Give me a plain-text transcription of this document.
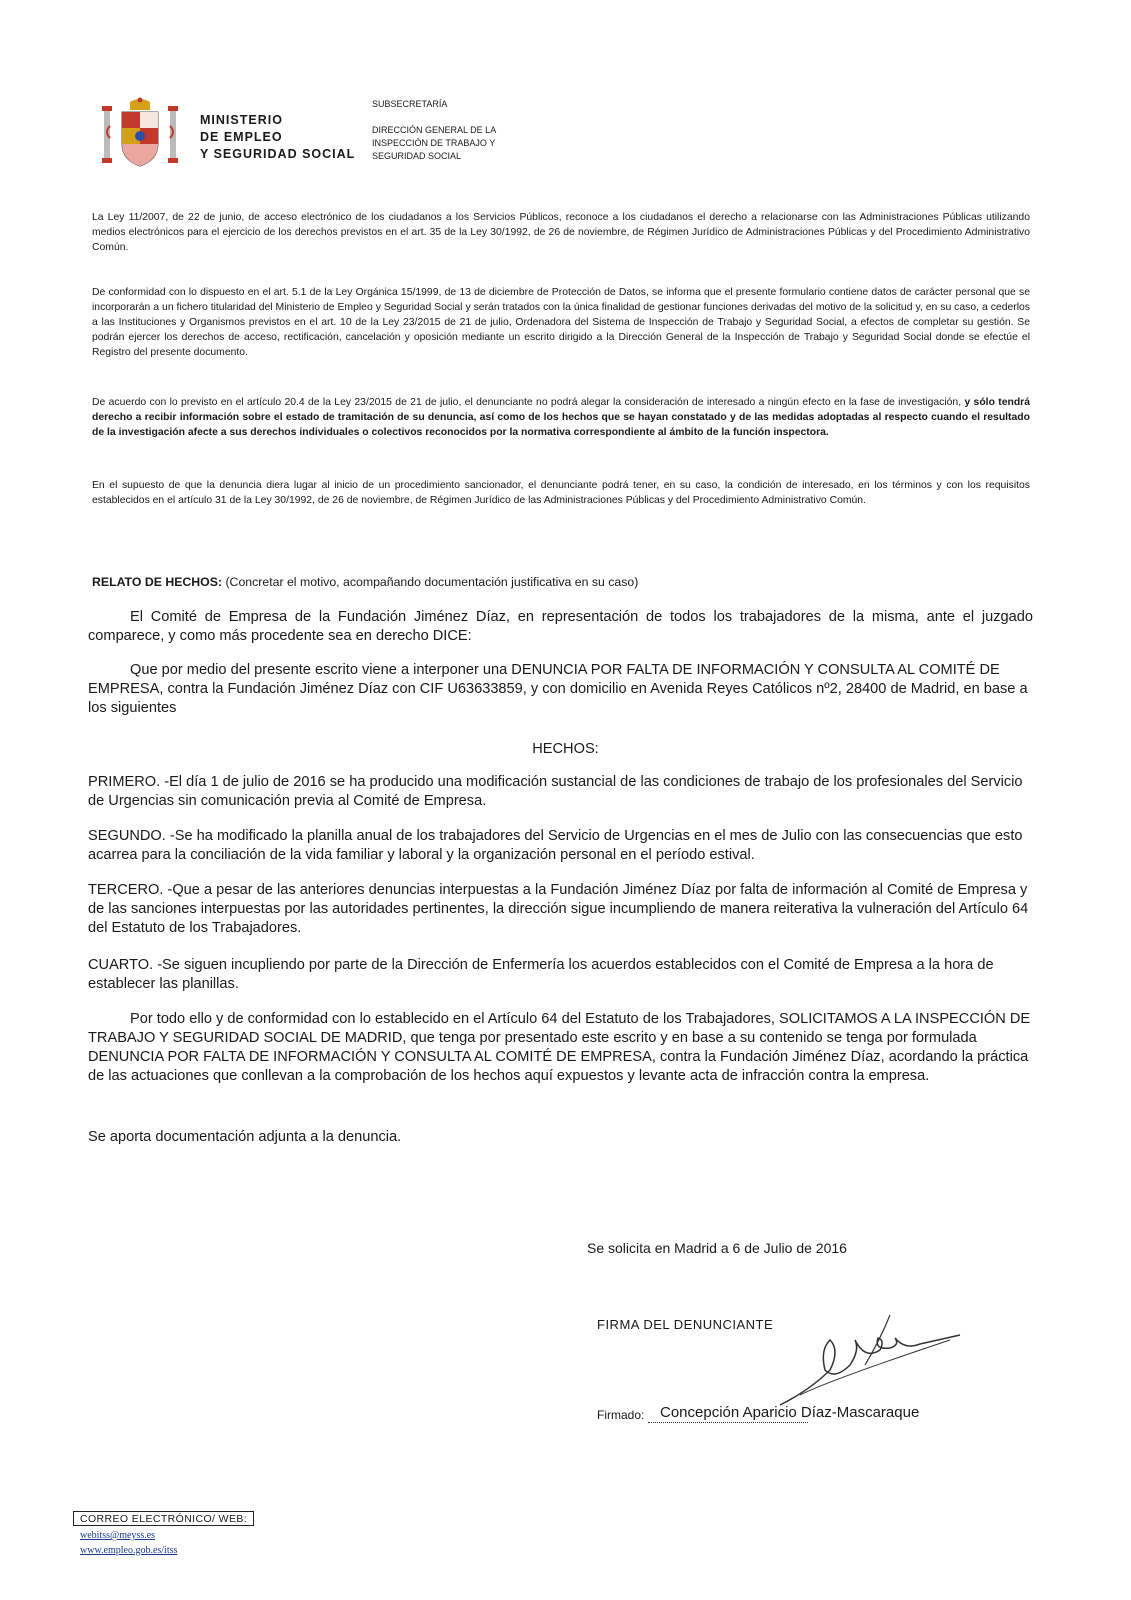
MINISTERIO
DE EMPLEO
Y SEGURIDAD SOCIAL
SUBSECRETARÍA
DIRECCIÓN GENERAL DE LA
INSPECCIÓN DE TRABAJO Y
SEGURIDAD SOCIAL

La Ley 11/2007, de 22 de junio, de acceso electrónico de los ciudadanos a los Servicios Públicos, reconoce a los ciudadanos el derecho a relacionarse con las Administraciones Públicas utilizando medios electrónicos para el ejercicio de los derechos previstos en el art. 35 de la Ley 30/1992, de 26 de noviembre, de Régimen Jurídico de Administraciones Públicas y del Procedimiento Administrativo Común.

De conformidad con lo dispuesto en el art. 5.1 de la Ley Orgánica 15/1999, de 13 de diciembre de Protección de Datos, se informa que el presente formulario contiene datos de carácter personal que se incorporarán a un fichero titularidad del Ministerio de Empleo y Seguridad Social y serán tratados con la única finalidad de gestionar funciones derivadas del motivo de la solicitud y, en su caso, a cederlos a las Instituciones y Organismos previstos en el art. 10 de la Ley 23/2015 de 21 de julio, Ordenadora del Sistema de Inspección de Trabajo y Seguridad Social, a efectos de completar su gestión. Se podrán ejercer los derechos de acceso, rectificación, cancelación y oposición mediante un escrito dirigido a la Dirección General de la Inspección de Trabajo y Seguridad Social donde se efectúe el Registro del presente documento.

De acuerdo con lo previsto en el artículo 20.4 de la Ley 23/2015 de 21 de julio, el denunciante no podrá alegar la consideración de interesado a ningún efecto en la fase de investigación, y sólo tendrá derecho a recibir información sobre el estado de tramitación de su denuncia, así como de los hechos que se hayan constatado y de las medidas adoptadas al respecto cuando el resultado de la investigación afecte a sus derechos individuales o colectivos reconocidos por la normativa correspondiente al ámbito de la función inspectora.

En el supuesto de que la denuncia diera lugar al inicio de un procedimiento sancionador, el denunciante podrá tener, en su caso, la condición de interesado, en los términos y con los requisitos establecidos en el artículo 31 de la Ley 30/1992, de 26 de noviembre, de Régimen Jurídico de las Administraciones Públicas y del Procedimiento Administrativo Común.

RELATO DE HECHOS: (Concretar el motivo, acompañando documentación justificativa en su caso)

El Comité de Empresa de la Fundación Jiménez Díaz, en representación de todos los trabajadores de la misma, ante el juzgado comparece, y como más procedente sea en derecho DICE:

Que por medio del presente escrito viene a interponer una DENUNCIA POR FALTA DE INFORMACIÓN Y CONSULTA AL COMITÉ DE EMPRESA, contra la Fundación Jiménez Díaz con CIF U63633859, y con domicilio en Avenida Reyes Católicos nº2, 28400 de Madrid, en base a los siguientes

HECHOS:

PRIMERO. -El día 1 de julio de 2016 se ha producido una modificación sustancial de las condiciones de trabajo de los profesionales del Servicio de Urgencias sin comunicación previa al Comité de Empresa.

SEGUNDO. -Se ha modificado la planilla anual de los trabajadores del Servicio de Urgencias en el mes de Julio con las consecuencias que esto acarrea para la conciliación de la vida familiar y laboral y la organización personal en el período estival.

TERCERO. -Que a pesar de las anteriores denuncias interpuestas a la Fundación Jiménez Díaz por falta de información al Comité de Empresa y de las sanciones interpuestas por las autoridades pertinentes, la dirección sigue incumpliendo de manera reiterativa la vulneración del Artículo 64 del Estatuto de los Trabajadores.

CUARTO. -Se siguen incupliendo por parte de la Dirección de Enfermería los acuerdos establecidos con el Comité de Empresa a la hora de establecer las planillas.

Por todo ello y de conformidad con lo establecido en el Artículo 64 del Estatuto de los Trabajadores, SOLICITAMOS A LA INSPECCIÓN DE TRABAJO Y SEGURIDAD SOCIAL DE MADRID, que tenga por presentado este escrito y en base a su contenido se tenga por formulada DENUNCIA POR FALTA DE INFORMACIÓN Y CONSULTA AL COMITÉ DE EMPRESA, contra la Fundación Jiménez Díaz, acordando la práctica de las actuaciones que conllevan a la comprobación de los hechos aquí expuestos y levante acta de infracción contra la empresa.

Se aporta documentación adjunta a la denuncia.

Se solicita en Madrid a 6 de Julio de 2016
FIRMA DEL DENUNCIANTE
Firmado: Concepción Aparicio Díaz-Mascaraque
CORREO ELECTRÓNICO/ WEB:
webitss@meyss.es
www.empleo.gob.es/itss
